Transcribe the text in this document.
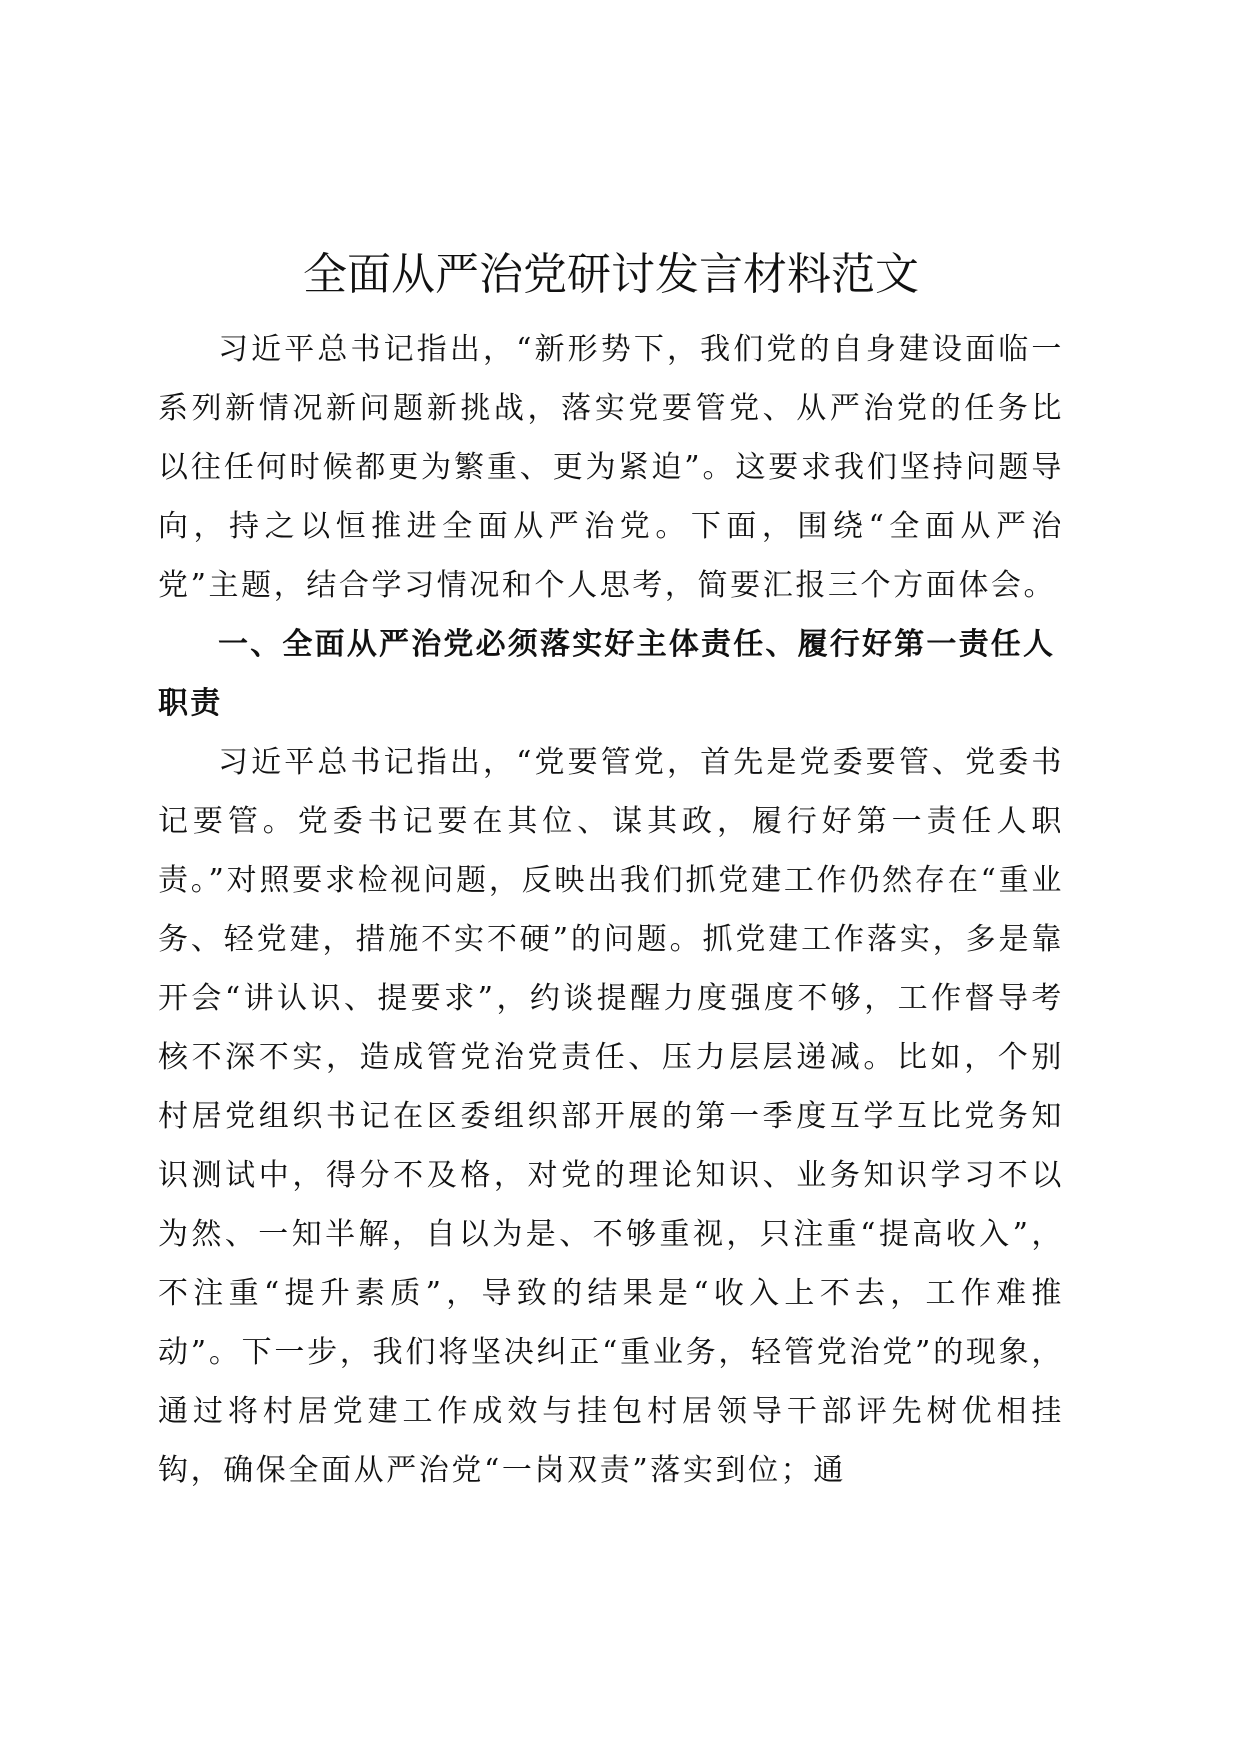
全面从严治党研讨发言材料范文

习近平总书记指出，“新形势下，我们党的自身建设面临一系列新情况新问题新挑战，落实党要管党、从严治党的任务比以往任何时候都更为繁重、更为紧迫”。这要求我们坚持问题导向，持之以恒推进全面从严治党。下面，围绕“全面从严治党”主题，结合学习情况和个人思考，简要汇报三个方面体会。

一、全面从严治党必须落实好主体责任、履行好第一责任人职责

习近平总书记指出，“党要管党，首先是党委要管、党委书记要管。党委书记要在其位、谋其政，履行好第一责任人职责。”对照要求检视问题，反映出我们抓党建工作仍然存在“重业务、轻党建，措施不实不硬”的问题。抓党建工作落实，多是靠开会“讲认识、提要求”，约谈提醒力度强度不够，工作督导考核不深不实，造成管党治党责任、压力层层递减。比如，个别村居党组织书记在区委组织部开展的第一季度互学互比党务知识测试中，得分不及格，对党的理论知识、业务知识学习不以为然、一知半解，自以为是、不够重视，只注重“提高收入”，不注重“提升素质”，导致的结果是“收入上不去，工作难推动”。下一步，我们将坚决纠正“重业务，轻管党治党”的现象，通过将村居党建工作成效与挂包村居领导干部评先树优相挂钩，确保全面从严治党“一岗双责”落实到位；通
